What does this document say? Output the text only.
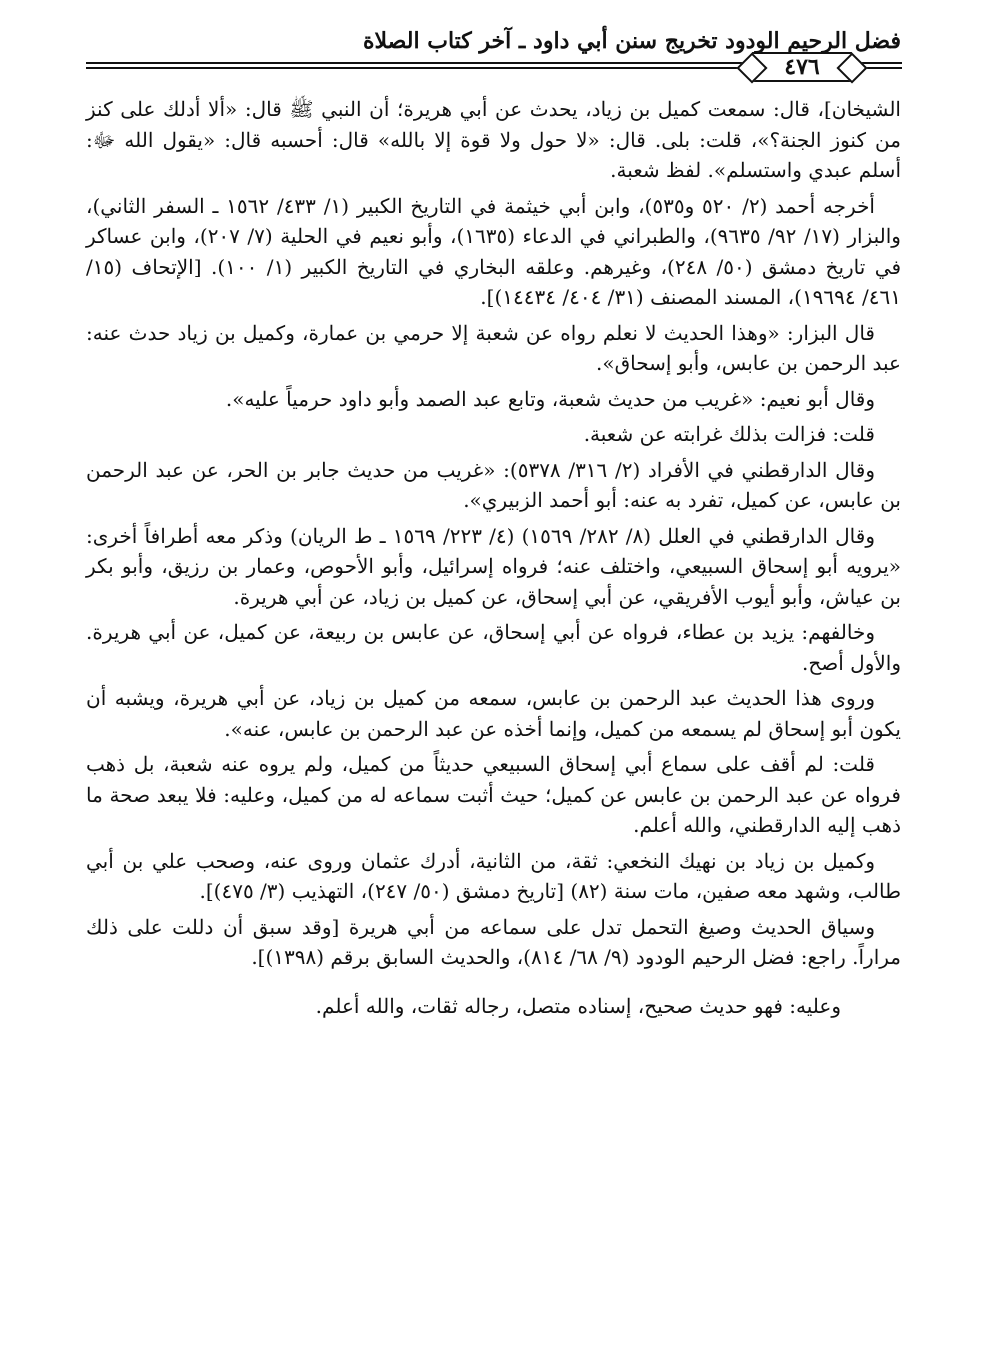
فضل الرحيم الودود تخريج سنن أبي داود ـ آخر كتاب الصلاة
٤٧٦

الشيخان]، قال: سمعت كميل بن زياد، يحدث عن أبي هريرة؛ أن النبي ﷺ قال: «ألا أدلك على كنز من كنوز الجنة؟»، قلت: بلى. قال: «لا حول ولا قوة إلا بالله» قال: أحسبه قال: «يقول الله ﷻ: أسلم عبدي واستسلم». لفظ شعبة.

أخرجه أحمد (٢/ ٥٢٠ و٥٣٥)، وابن أبي خيثمة في التاريخ الكبير (١/ ٤٣٣/ ١٥٦٢ ـ السفر الثاني)، والبزار (١٧/ ٩٢/ ٩٦٣٥)، والطبراني في الدعاء (١٦٣٥)، وأبو نعيم في الحلية (٧/ ٢٠٧)، وابن عساكر في تاريخ دمشق (٥٠/ ٢٤٨)، وغيرهم. وعلقه البخاري في التاريخ الكبير (١/ ١٠٠). [الإتحاف (١٥/ ٤٦١/ ١٩٦٩٤)، المسند المصنف (٣١/ ٤٠٤/ ١٤٤٣٤)].

قال البزار: «وهذا الحديث لا نعلم رواه عن شعبة إلا حرمي بن عمارة، وكميل بن زياد حدث عنه: عبد الرحمن بن عابس، وأبو إسحاق».

وقال أبو نعيم: «غريب من حديث شعبة، وتابع عبد الصمد وأبو داود حرمياً عليه».

قلت: فزالت بذلك غرابته عن شعبة.

وقال الدارقطني في الأفراد (٢/ ٣١٦/ ٥٣٧٨): «غريب من حديث جابر بن الحر، عن عبد الرحمن بن عابس، عن كميل، تفرد به عنه: أبو أحمد الزبيري».

وقال الدارقطني في العلل (٨/ ٢٨٢/ ١٥٦٩) (٤/ ٢٢٣/ ١٥٦٩ ـ ط الريان) وذكر معه أطرافاً أخرى: «يرويه أبو إسحاق السبيعي، واختلف عنه؛ فرواه إسرائيل، وأبو الأحوص، وعمار بن رزيق، وأبو بكر بن عياش، وأبو أيوب الأفريقي، عن أبي إسحاق، عن كميل بن زياد، عن أبي هريرة.

وخالفهم: يزيد بن عطاء، فرواه عن أبي إسحاق، عن عابس بن ربيعة، عن كميل، عن أبي هريرة. والأول أصح.

وروى هذا الحديث عبد الرحمن بن عابس، سمعه من كميل بن زياد، عن أبي هريرة، ويشبه أن يكون أبو إسحاق لم يسمعه من كميل، وإنما أخذه عن عبد الرحمن بن عابس، عنه».

قلت: لم أقف على سماع أبي إسحاق السبيعي حديثاً من كميل، ولم يروه عنه شعبة، بل ذهب فرواه عن عبد الرحمن بن عابس عن كميل؛ حيث أثبت سماعه له من كميل، وعليه: فلا يبعد صحة ما ذهب إليه الدارقطني، والله أعلم.

وكميل بن زياد بن نهيك النخعي: ثقة، من الثانية، أدرك عثمان وروى عنه، وصحب علي بن أبي طالب، وشهد معه صفين، مات سنة (٨٢) [تاريخ دمشق (٥٠/ ٢٤٧)، التهذيب (٣/ ٤٧٥)].

وسياق الحديث وصيغ التحمل تدل على سماعه من أبي هريرة [وقد سبق أن دللت على ذلك مراراً. راجع: فضل الرحيم الودود (٩/ ٦٨/ ٨١٤)، والحديث السابق برقم (١٣٩٨)].

وعليه: فهو حديث صحيح، إسناده متصل، رجاله ثقات، والله أعلم.
